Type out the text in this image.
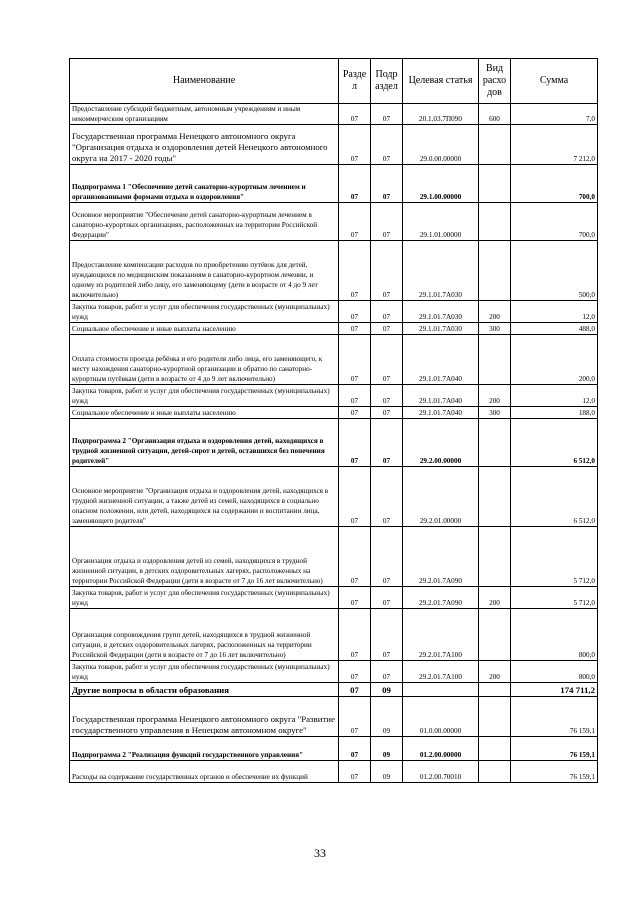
Наименование	Разде л	Подр аздел	Целевая статья	Вид расхо дов	Сумма
Предоставление субсидий бюджетным, автономным учреждениям и иным некоммерческим организациям	07	07	20.1.03.7П090	600	7,0
Государственная программа Ненецкого автономного округа "Организация отдыха и оздоровления детей Ненецкого автономного округа на 2017 - 2020 годы"	07	07	29.0.00.00000		7 212,0
Подпрограмма 1 "Обеспечение детей санаторно-курортным лечением и организованными формами отдыха и оздоровления"	07	07	29.1.00.00000		700,0
Основное мероприятие "Обеспечение детей санаторно-курортным лечением в санаторно-курортных организациях, расположенных на территории Российской Федерации"	07	07	29.1.01.00000		700,0
Предоставление компенсации расходов по приобретению путёвок для детей, нуждающихся по медицинским показаниям в санаторно-курортном лечении, и одному из родителей либо лицу, его заменяющему (дети в возрасте от 4 до 9 лет включительно)	07	07	29.1.01.7А030		500,0
Закупка товаров, работ и услуг для обеспечения государственных (муниципальных) нужд	07	07	29.1.01.7А030	200	12,0
Социальное обеспечение и иные выплаты населению	07	07	29.1.01.7А030	300	488,0
Оплата стоимости проезда ребёнка и его родителя либо лица, его заменяющего, к месту нахождения санаторно-курортной организации и обратно по санаторно-курортным путёвкам (дети в возрасте от 4 до 9 лет включительно)	07	07	29.1.01.7А040		200,0
Закупка товаров, работ и услуг для обеспечения государственных (муниципальных) нужд	07	07	29.1.01.7А040	200	12,0
Социальное обеспечение и иные выплаты населению	07	07	29.1.01.7А040	300	188,0
Подпрограмма 2 "Организация отдыха и оздоровления детей, находящихся в трудной жизненной ситуации, детей-сирот и детей, оставшихся без попечения родителей"	07	07	29.2.00.00000		6 512,0
Основное мероприятие "Организация отдыха и оздоровления детей, находящихся в трудной жизненной ситуации, а также детей из семей, находящихся в социально опасном положении, или детей, находящихся на содержании и воспитании лица, заменяющего родителя"	07	07	29.2.01.00000		6 512,0
Организация отдыха и оздоровления детей из семей, находящихся в трудной жизненной ситуации, в детских оздоровительных лагерях, расположенных на территории Российской Федерации (дети в возрасте от 7 до 16 лет включительно)	07	07	29.2.01.7А090		5 712,0
Закупка товаров, работ и услуг для обеспечения государственных (муниципальных) нужд	07	07	29.2.01.7А090	200	5 712,0
Организация сопровождения групп детей, находящихся в трудной жизненной ситуации, в детских оздоровительных лагерях, расположенных на территории Российской Федерации (дети в возрасте от 7 до 16 лет включительно)	07	07	29.2.01.7А100		800,0
Закупка товаров, работ и услуг для обеспечения государственных (муниципальных) нужд	07	07	29.2.01.7А100	200	800,0
Другие вопросы в области образования	07	09			174 711,2
Государственная программа Ненецкого автономного округа "Развитие государственного управления в Ненецком автономном округе"	07	09	01.0.00.00000		76 159,1
Подпрограмма 2 "Реализация функций государственного управления"	07	09	01.2.00.00000		76 159,1
Расходы на содержание государственных органов и обеспечение их функций	07	09	01.2.00.70010		76 159,1
33
